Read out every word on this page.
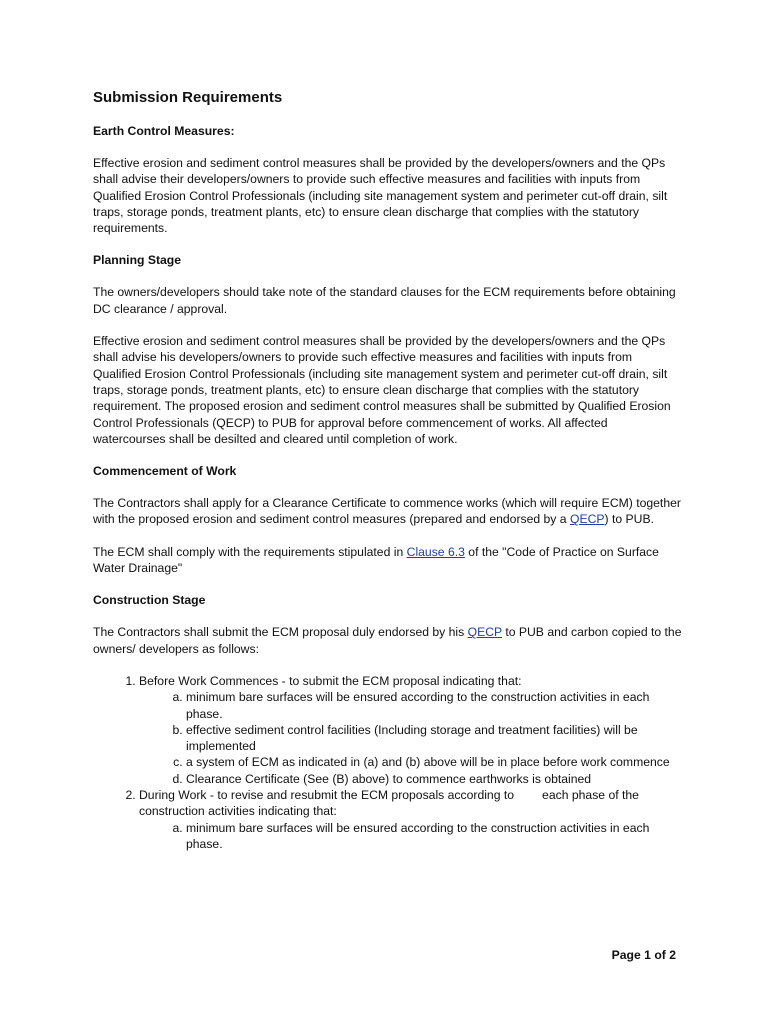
Submission Requirements
Earth Control Measures:

Effective erosion and sediment control measures shall be provided by the developers/owners and the QPs shall advise their developers/owners to provide such effective measures and facilities with inputs from Qualified Erosion Control Professionals (including site management system and perimeter cut-off drain, silt traps, storage ponds, treatment plants, etc) to ensure clean discharge that complies with the statutory requirements.

Planning Stage

The owners/developers should take note of the standard clauses for the ECM requirements before obtaining DC clearance / approval.

Effective erosion and sediment control measures shall be provided by the developers/owners and the QPs shall advise his developers/owners to provide such effective measures and facilities with inputs from Qualified Erosion Control Professionals (including site management system and perimeter cut-off drain, silt traps, storage ponds, treatment plants, etc) to ensure clean discharge that complies with the statutory requirement. The proposed erosion and sediment control measures shall be submitted by Qualified Erosion Control Professionals (QECP) to PUB for approval before commencement of works. All affected watercourses shall be desilted and cleared until completion of work.

Commencement of Work

The Contractors shall apply for a Clearance Certificate to commence works (which will require ECM) together with the proposed erosion and sediment control measures (prepared and endorsed by a QECP) to PUB.

The ECM shall comply with the requirements stipulated in Clause 6.3 of the "Code of Practice on Surface Water Drainage"

Construction Stage

The Contractors shall submit the ECM proposal duly endorsed by his QECP to PUB and carbon copied to the owners/ developers as follows:

1. Before Work Commences - to submit the ECM proposal indicating that:
a. minimum bare surfaces will be ensured according to the construction activities in each phase.
b. effective sediment control facilities (Including storage and treatment facilities) will be implemented
c. a system of ECM as indicated in (a) and (b) above will be in place before work commence
d. Clearance Certificate (See (B) above) to commence earthworks is obtained
2. During Work - to revise and resubmit the ECM proposals according to each phase of the construction activities indicating that:
a. minimum bare surfaces will be ensured according to the construction activities in each phase.
Page 1 of 2
